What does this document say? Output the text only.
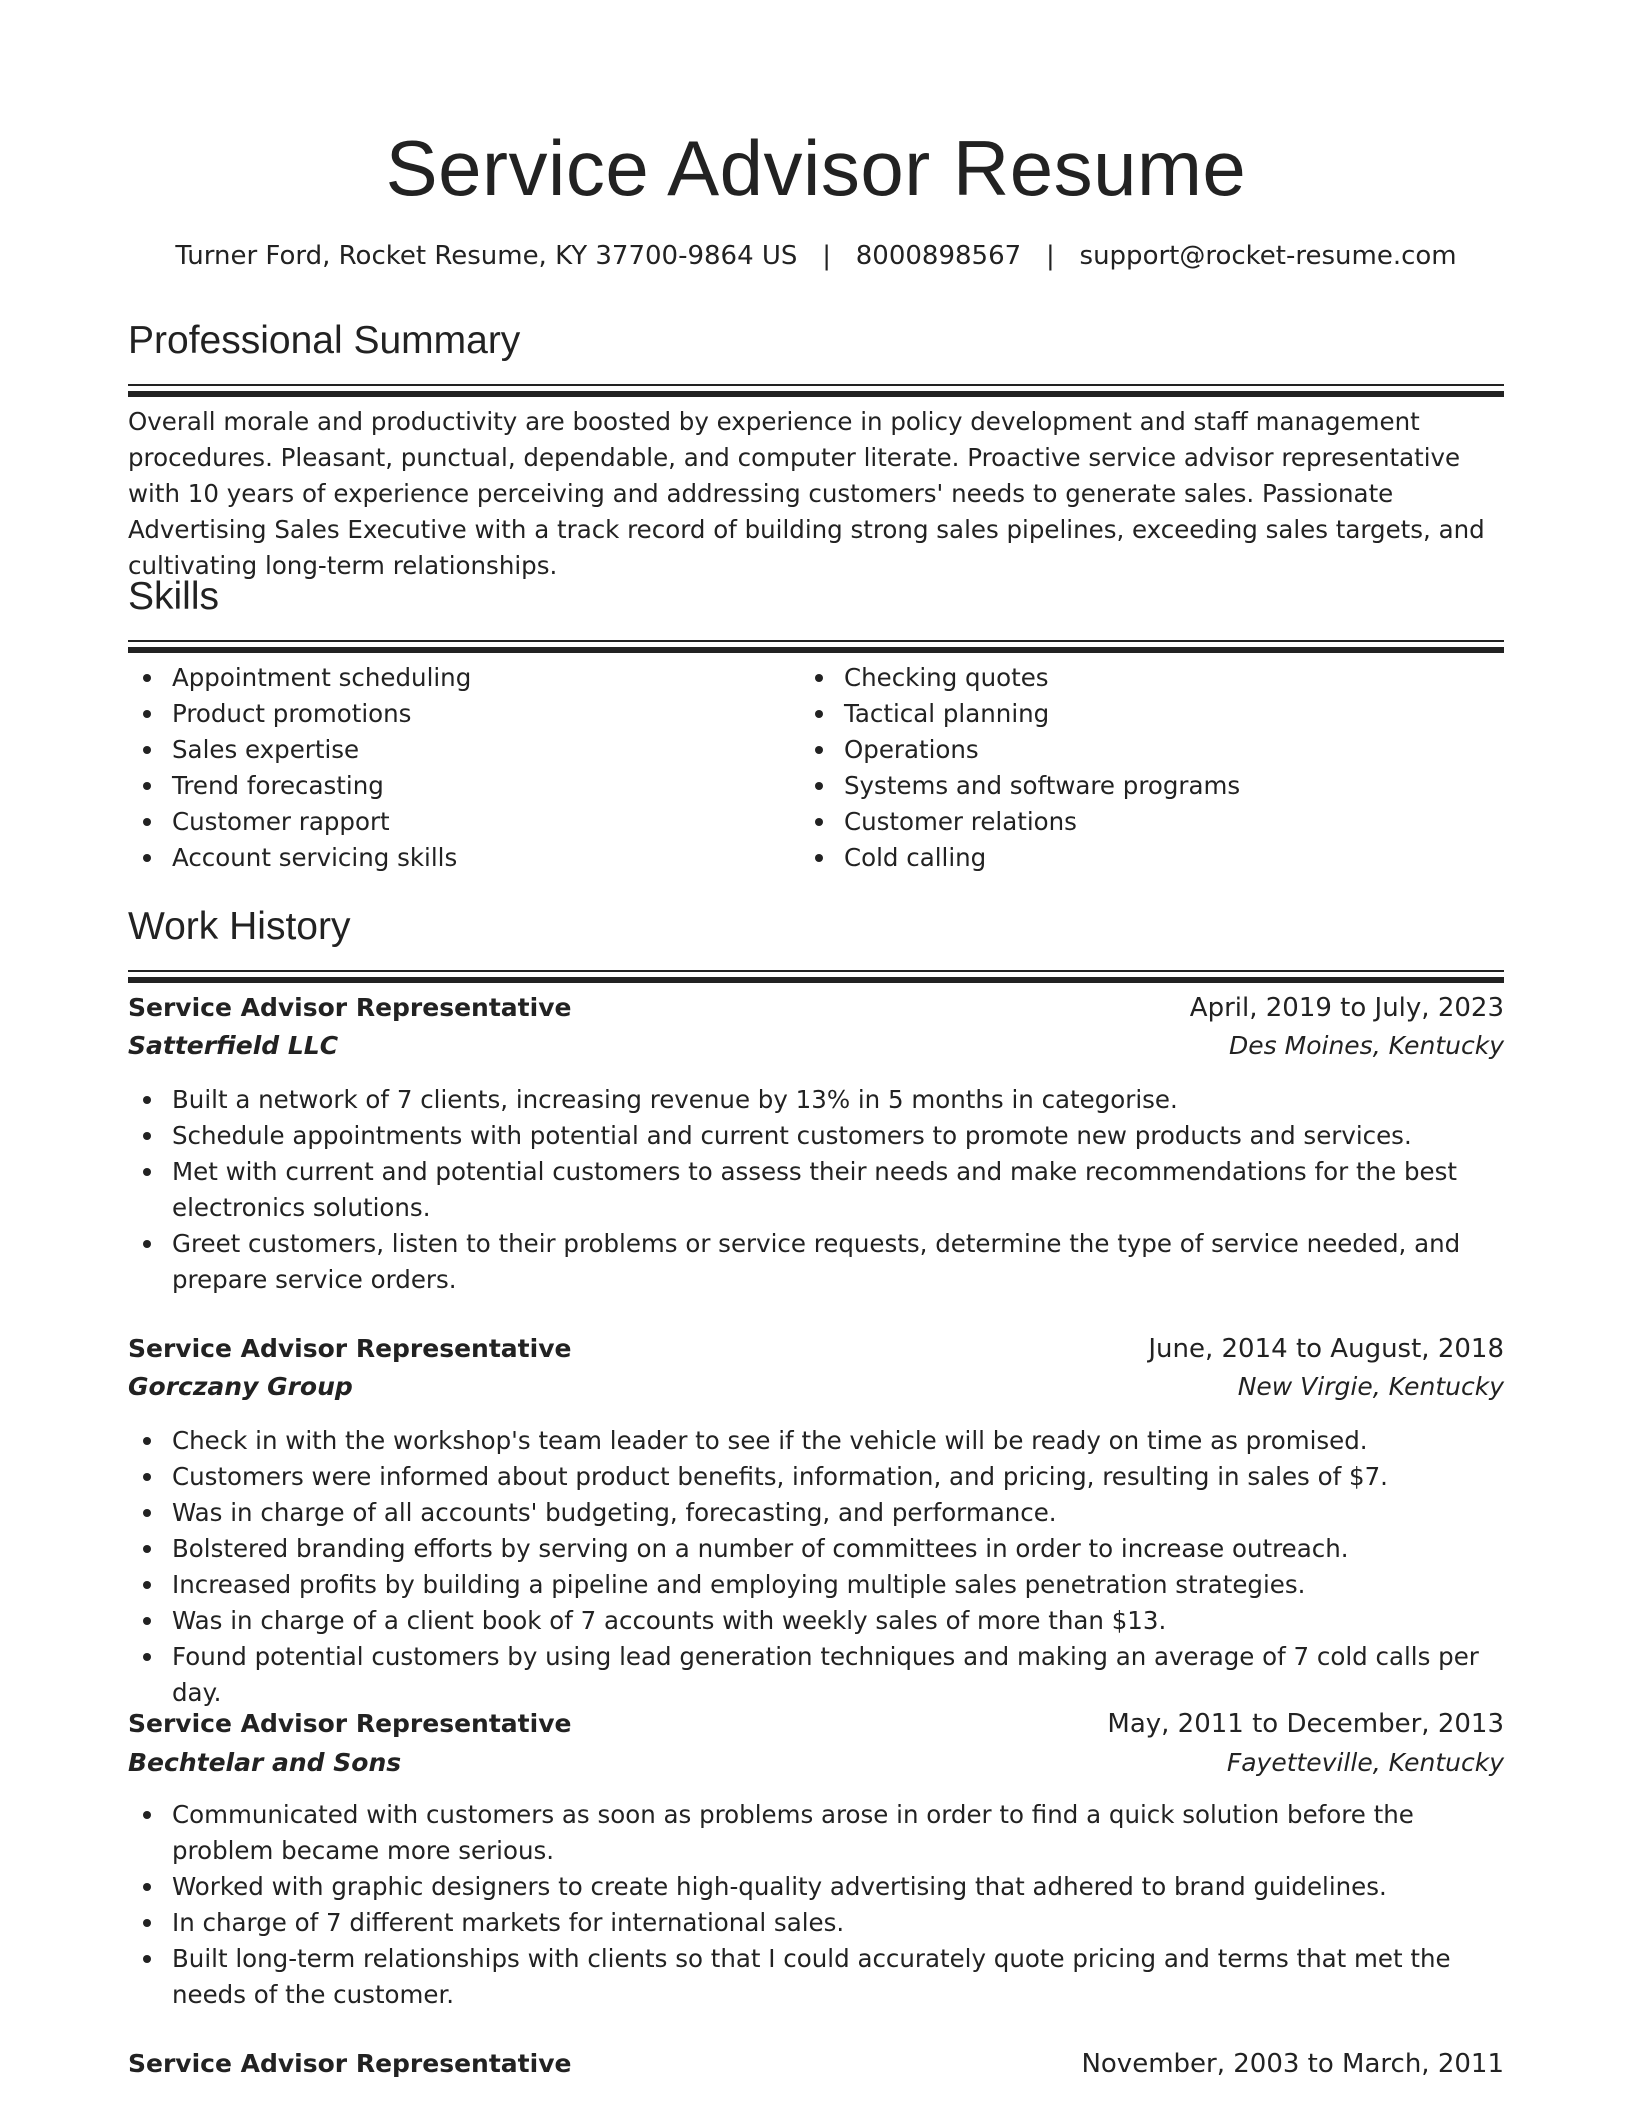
Service Advisor Resume
Turner Ford, Rocket Resume, KY 37700-9864 US   |   8000898567   |   support@rocket-resume.com
Professional Summary
Overall morale and productivity are boosted by experience in policy development and staff management procedures. Pleasant, punctual, dependable, and computer literate. Proactive service advisor representative with 10 years of experience perceiving and addressing customers' needs to generate sales. Passionate Advertising Sales Executive with a track record of building strong sales pipelines, exceeding sales targets, and cultivating long-term relationships.
Skills
Appointment scheduling
Product promotions
Sales expertise
Trend forecasting
Customer rapport
Account servicing skills
Checking quotes
Tactical planning
Operations
Systems and software programs
Customer relations
Cold calling
Work History
Service Advisor Representative	April, 2019 to July, 2023
Satterfield LLC	Des Moines, Kentucky
Built a network of 7 clients, increasing revenue by 13% in 5 months in categorise.
Schedule appointments with potential and current customers to promote new products and services.
Met with current and potential customers to assess their needs and make recommendations for the best electronics solutions.
Greet customers, listen to their problems or service requests, determine the type of service needed, and prepare service orders.
Service Advisor Representative	June, 2014 to August, 2018
Gorczany Group	New Virgie, Kentucky
Check in with the workshop's team leader to see if the vehicle will be ready on time as promised.
Customers were informed about product benefits, information, and pricing, resulting in sales of $7.
Was in charge of all accounts' budgeting, forecasting, and performance.
Bolstered branding efforts by serving on a number of committees in order to increase outreach.
Increased profits by building a pipeline and employing multiple sales penetration strategies.
Was in charge of a client book of 7 accounts with weekly sales of more than $13.
Found potential customers by using lead generation techniques and making an average of 7 cold calls per day.
Service Advisor Representative	May, 2011 to December, 2013
Bechtelar and Sons	Fayetteville, Kentucky
Communicated with customers as soon as problems arose in order to find a quick solution before the problem became more serious.
Worked with graphic designers to create high-quality advertising that adhered to brand guidelines.
In charge of 7 different markets for international sales.
Built long-term relationships with clients so that I could accurately quote pricing and terms that met the needs of the customer.
Service Advisor Representative	November, 2003 to March, 2011
